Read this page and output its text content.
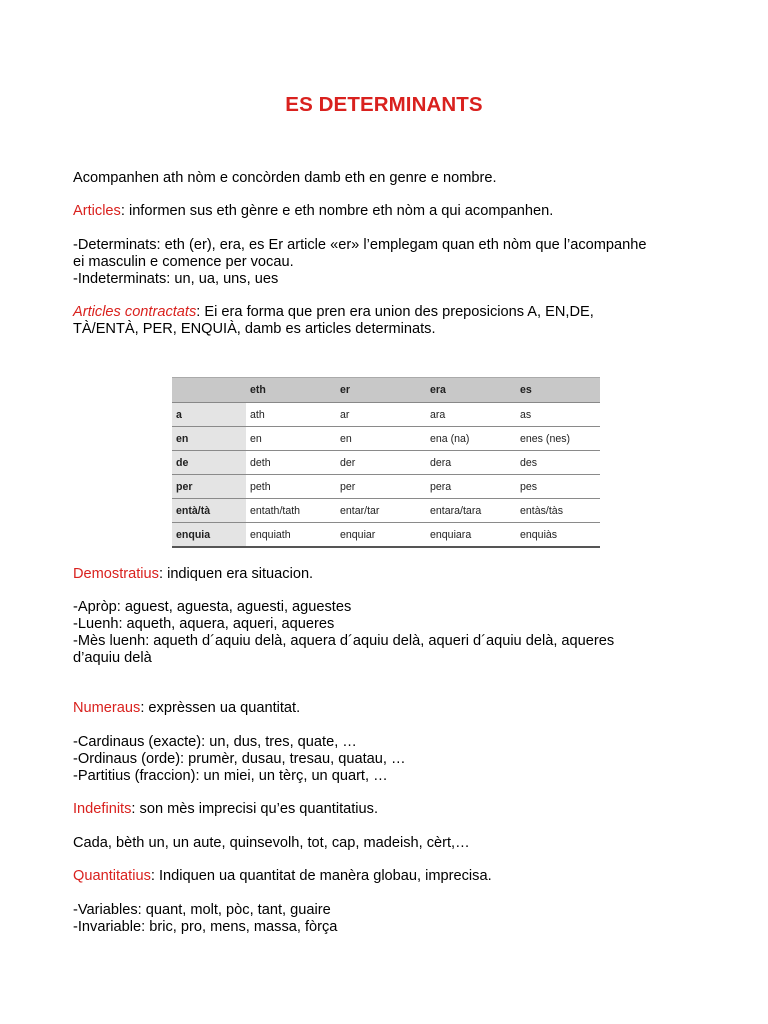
ES DETERMINANTS
Acompanhen ath nòm e concòrden damb eth en genre e nombre.
Articles: informen sus eth gènre e eth nombre eth nòm a qui acompanhen.
-Determinats: eth (er), era, es Er article «er» l’emplegam quan eth nòm que l’acompanhe
ei masculin e comence per vocau.
-Indeterminats: un, ua, uns, ues
Articles contractats: Ei era forma que pren era union des preposicions A, EN,DE,
TÀ/ENTÀ, PER, ENQUIÀ, damb es articles determinats.
	eth	er	era	es
a	ath	ar	ara	as
en	en	en	ena (na)	enes (nes)
de	deth	der	dera	des
per	peth	per	pera	pes
entà/tà	entath/tath	entar/tar	entara/tara	entàs/tàs
enquia	enquiath	enquiar	enquiara	enquiàs
Demostratius: indiquen era situacion.
-Apròp: aguest, aguesta, aguesti, aguestes
-Luenh: aqueth, aquera, aqueri, aqueres
-Mès luenh: aqueth d´aquiu delà, aquera d´aquiu delà, aqueri d´aquiu delà, aqueres
d’aquiu delà
Numeraus: exprèssen ua quantitat.
-Cardinaus (exacte): un, dus, tres, quate, …
-Ordinaus (orde): prumèr, dusau, tresau, quatau, …
-Partitius (fraccion): un miei, un tèrç, un quart, …
Indefinits: son mès imprecisi qu’es quantitatius.
Cada, bèth un, un aute, quinsevolh, tot, cap, madeish, cèrt,…
Quantitatius: Indiquen ua quantitat de manèra globau, imprecisa.
-Variables: quant, molt, pòc, tant, guaire
-Invariable: bric, pro, mens, massa, fòrça
